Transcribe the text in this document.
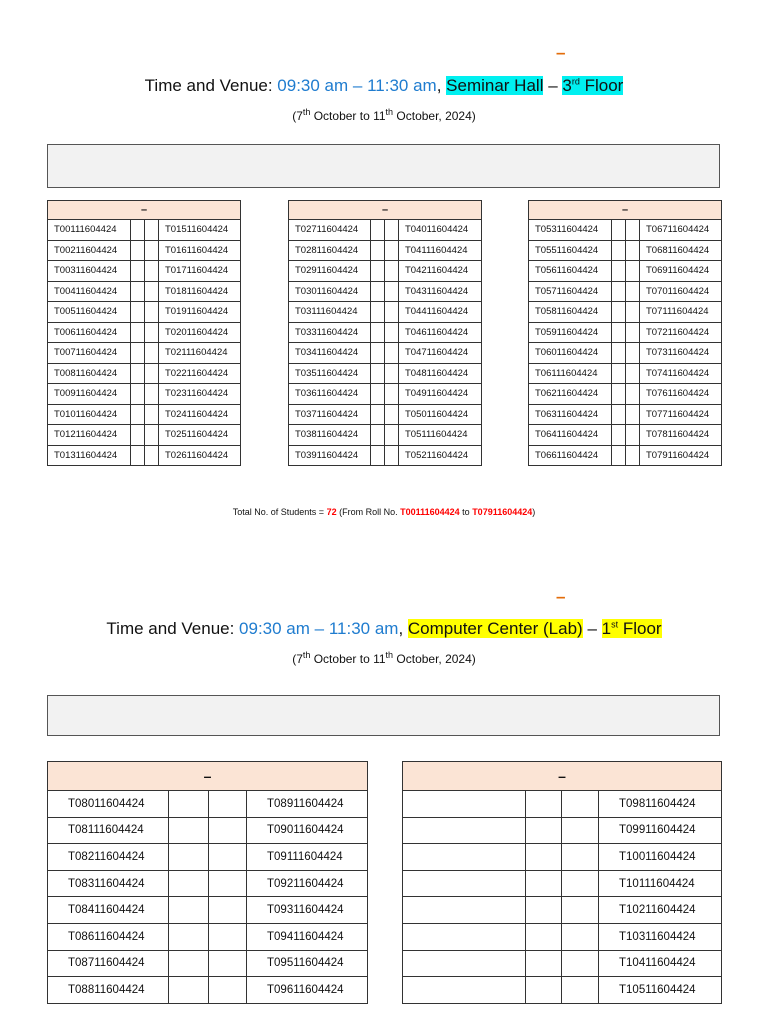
–
Time and Venue: 09:30 am – 11:30 am, Seminar Hall – 3rd Floor
(7th October to 11th October, 2024)
–			
T00111604424			T01511604424
T00211604424			T01611604424
T00311604424			T01711604424
T00411604424			T01811604424
T00511604424			T01911604424
T00611604424			T02011604424
T00711604424			T02111604424
T00811604424			T02211604424
T00911604424			T02311604424
T01011604424			T02411604424
T01211604424			T02511604424
T01311604424			T02611604424
–			
T02711604424			T04011604424
T02811604424			T04111604424
T02911604424			T04211604424
T03011604424			T04311604424
T03111604424			T04411604424
T03311604424			T04611604424
T03411604424			T04711604424
T03511604424			T04811604424
T03611604424			T04911604424
T03711604424			T05011604424
T03811604424			T05111604424
T03911604424			T05211604424
–			
T05311604424			T06711604424
T05511604424			T06811604424
T05611604424			T06911604424
T05711604424			T07011604424
T05811604424			T07111604424
T05911604424			T07211604424
T06011604424			T07311604424
T06111604424			T07411604424
T06211604424			T07611604424
T06311604424			T07711604424
T06411604424			T07811604424
T06611604424			T07911604424
Total No. of Students = 72 (From Roll No. T00111604424 to T07911604424)
–
Time and Venue: 09:30 am – 11:30 am, Computer Center (Lab) – 1st Floor
(7th October to 11th October, 2024)
–			
T08011604424			T08911604424
T08111604424			T09011604424
T08211604424			T09111604424
T08311604424			T09211604424
T08411604424			T09311604424
T08611604424			T09411604424
T08711604424			T09511604424
T08811604424			T09611604424
–			
			T09811604424
			T09911604424
			T10011604424
			T10111604424
			T10211604424
			T10311604424
			T10411604424
			T10511604424
